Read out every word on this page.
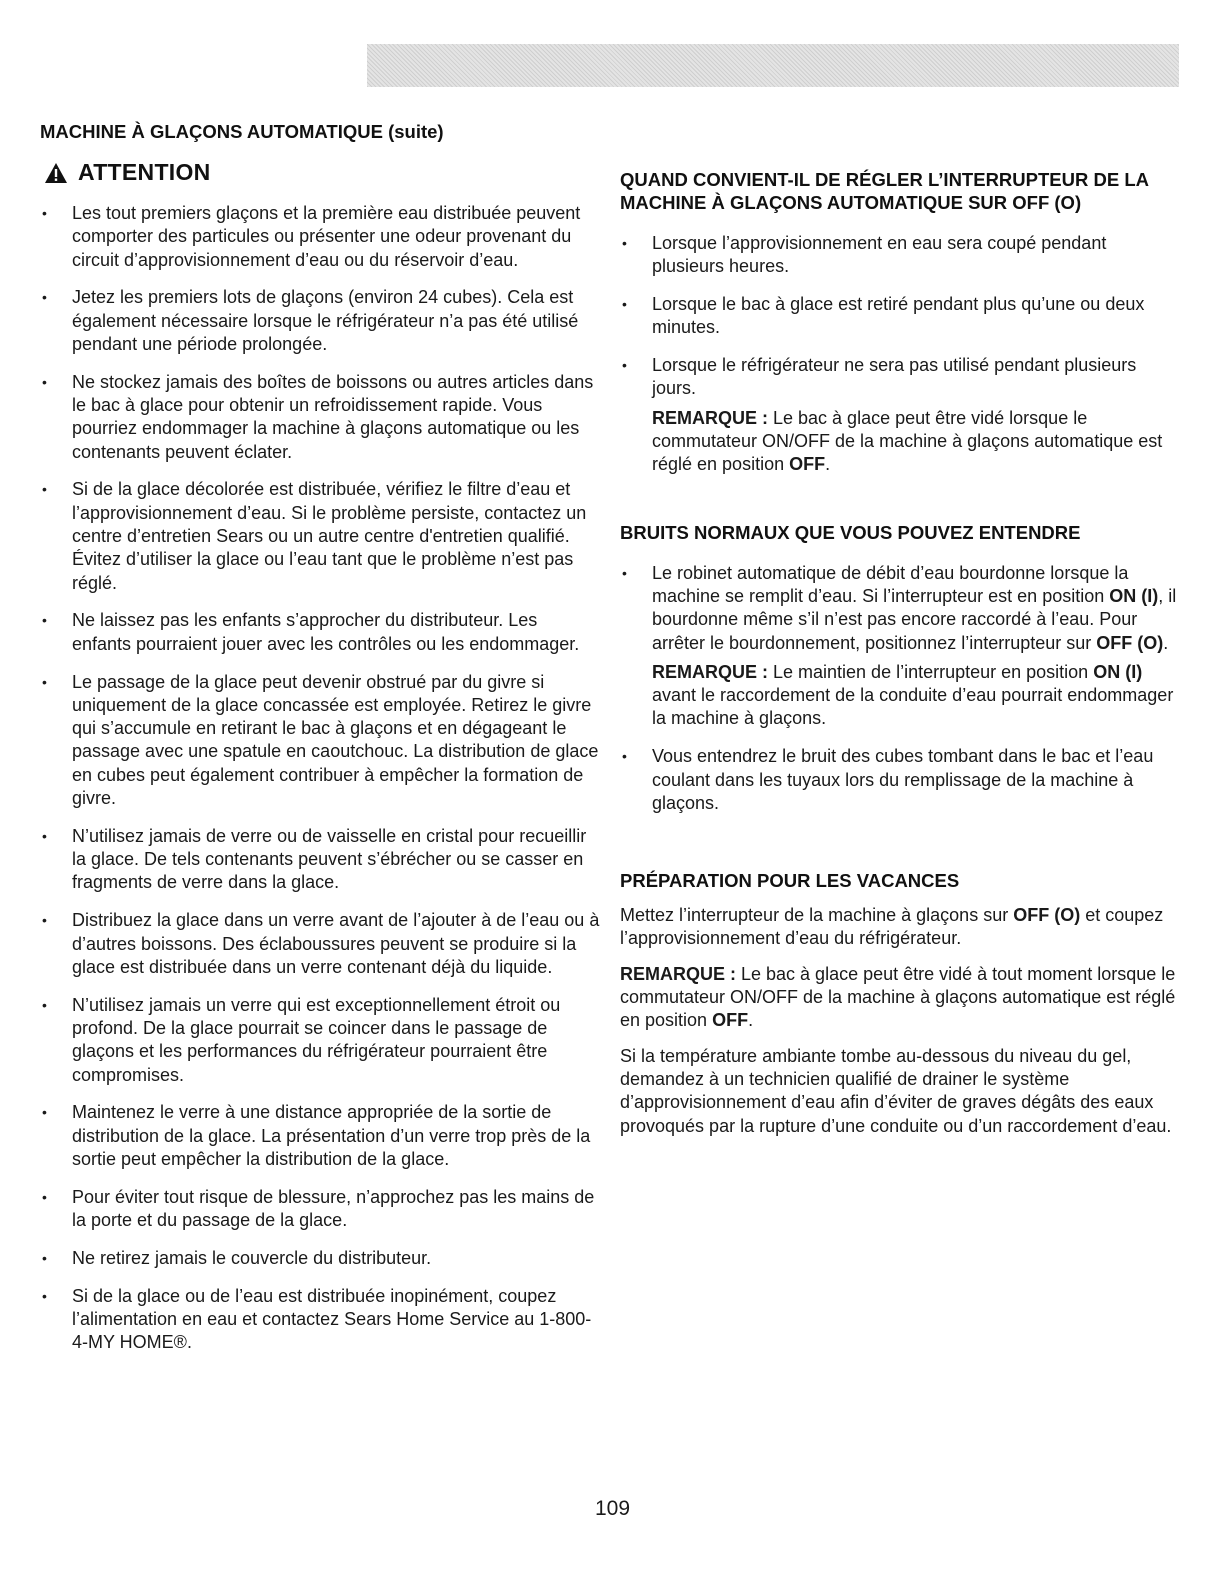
MACHINE À GLAÇONS AUTOMATIQUE (suite)
ATTENTION
• Les tout premiers glaçons et la première eau distribuée peuvent comporter des particules ou présenter une odeur provenant du circuit d’approvisionnement d’eau ou du réservoir d’eau.
• Jetez les premiers lots de glaçons (environ 24 cubes). Cela est également nécessaire lorsque le réfrigérateur n’a pas été utilisé pendant une période prolongée.
• Ne stockez jamais des boîtes de boissons ou autres articles dans le bac à glace pour obtenir un refroidissement rapide. Vous pourriez endommager la machine à glaçons automatique ou les contenants peuvent éclater.
• Si de la glace décolorée est distribuée, vérifiez le filtre d’eau et l’approvisionnement d’eau. Si le problème persiste, contactez un centre d’entretien Sears ou un autre centre d'entretien qualifié. Évitez d’utiliser la glace ou l’eau tant que le problème n’est pas réglé.
• Ne laissez pas les enfants s’approcher du distributeur. Les enfants pourraient jouer avec les contrôles ou les endommager.
• Le passage de la glace peut devenir obstrué par du givre si uniquement de la glace concassée est employée. Retirez le givre qui s’accumule en retirant le bac à glaçons et en dégageant le passage avec une spatule en caoutchouc. La distribution de glace en cubes peut également contribuer à empêcher la formation de givre.
• N’utilisez jamais de verre ou de vaisselle en cristal pour recueillir la glace. De tels contenants peuvent s’ébrécher ou se casser en fragments de verre dans la glace.
• Distribuez la glace dans un verre avant de l’ajouter à de l’eau ou à d’autres boissons. Des éclaboussures peuvent se produire si la glace est distribuée dans un verre contenant déjà du liquide.
• N’utilisez jamais un verre qui est exceptionnellement étroit ou profond. De la glace pourrait se coincer dans le passage de glaçons et les performances du réfrigérateur pourraient être compromises.
• Maintenez le verre à une distance appropriée de la sortie de distribution de la glace. La présentation d’un verre trop près de la sortie peut empêcher la distribution de la glace.
• Pour éviter tout risque de blessure, n’approchez pas les mains de la porte et du passage de la glace.
• Ne retirez jamais le couvercle du distributeur.
• Si de la glace ou de l’eau est distribuée inopinément, coupez l’alimentation en eau et contactez Sears Home Service au 1-800-4-MY HOME®.
QUAND CONVIENT-IL DE RÉGLER L’INTERRUPTEUR DE LA MACHINE À GLAÇONS AUTOMATIQUE SUR OFF (O)
• Lorsque l’approvisionnement en eau sera coupé pendant plusieurs heures.
• Lorsque le bac à glace est retiré pendant plus qu’une ou deux minutes.
• Lorsque le réfrigérateur ne sera pas utilisé pendant plusieurs jours.
REMARQUE : Le bac à glace peut être vidé lorsque le commutateur ON/OFF de la machine à glaçons automatique est réglé en position OFF.
BRUITS NORMAUX QUE VOUS POUVEZ ENTENDRE
• Le robinet automatique de débit d’eau bourdonne lorsque la machine se remplit d’eau. Si l’interrupteur est en position ON (I), il bourdonne même s’il n’est pas encore raccordé à l’eau. Pour arrêter le bourdonnement, positionnez l’interrupteur sur OFF (O).
REMARQUE : Le maintien de l’interrupteur en position ON (I) avant le raccordement de la conduite d’eau pourrait endommager la machine à glaçons.
• Vous entendrez le bruit des cubes tombant dans le bac et l’eau coulant dans les tuyaux lors du remplissage de la machine à glaçons.
PRÉPARATION POUR LES VACANCES

Mettez l’interrupteur de la machine à glaçons sur OFF (O) et coupez l’approvisionnement d’eau du réfrigérateur.

REMARQUE : Le bac à glace peut être vidé à tout moment lorsque le commutateur ON/OFF de la machine à glaçons automatique est réglé en position OFF.

Si la température ambiante tombe au-dessous du niveau du gel, demandez à un technicien qualifié de drainer le système d’approvisionnement d’eau afin d’éviter de graves dégâts des eaux provoqués par la rupture d’une conduite ou d’un raccordement d’eau.

109
